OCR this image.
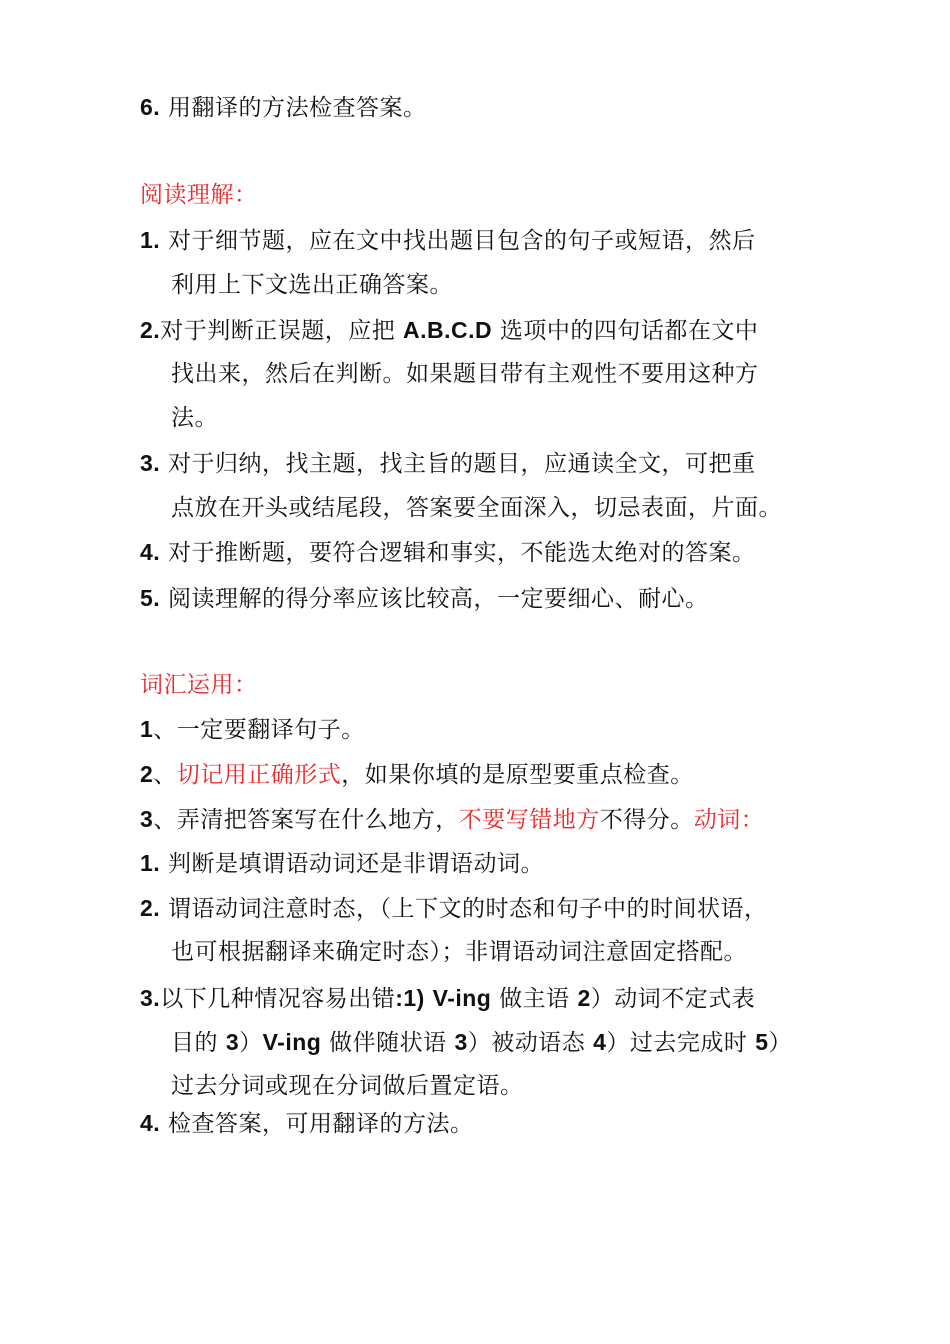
6. 用翻译的方法检查答案。
阅读理解：
1. 对于细节题，应在文中找出题目包含的句子或短语，然后
利用上下文选出正确答案。
2.对于判断正误题，应把 A.B.C.D 选项中的四句话都在文中
找出来，然后在判断。如果题目带有主观性不要用这种方
法。
3. 对于归纳，找主题，找主旨的题目，应通读全文，可把重
点放在开头或结尾段，答案要全面深入，切忌表面，片面。
4. 对于推断题，要符合逻辑和事实，不能选太绝对的答案。
5. 阅读理解的得分率应该比较高，一定要细心、耐心。
词汇运用：
1、一定要翻译句子。
2、切记用正确形式，如果你填的是原型要重点检查。
3、弄清把答案写在什么地方，不要写错地方不得分。动词：
1. 判断是填谓语动词还是非谓语动词。
2. 谓语动词注意时态，（上下文的时态和句子中的时间状语，
也可根据翻译来确定时态）；非谓语动词注意固定搭配。
3.以下几种情况容易出错:1) V-ing 做主语 2）动词不定式表
目的 3）V-ing 做伴随状语 3）被动语态 4）过去完成时 5）
过去分词或现在分词做后置定语。
4. 检查答案，可用翻译的方法。
